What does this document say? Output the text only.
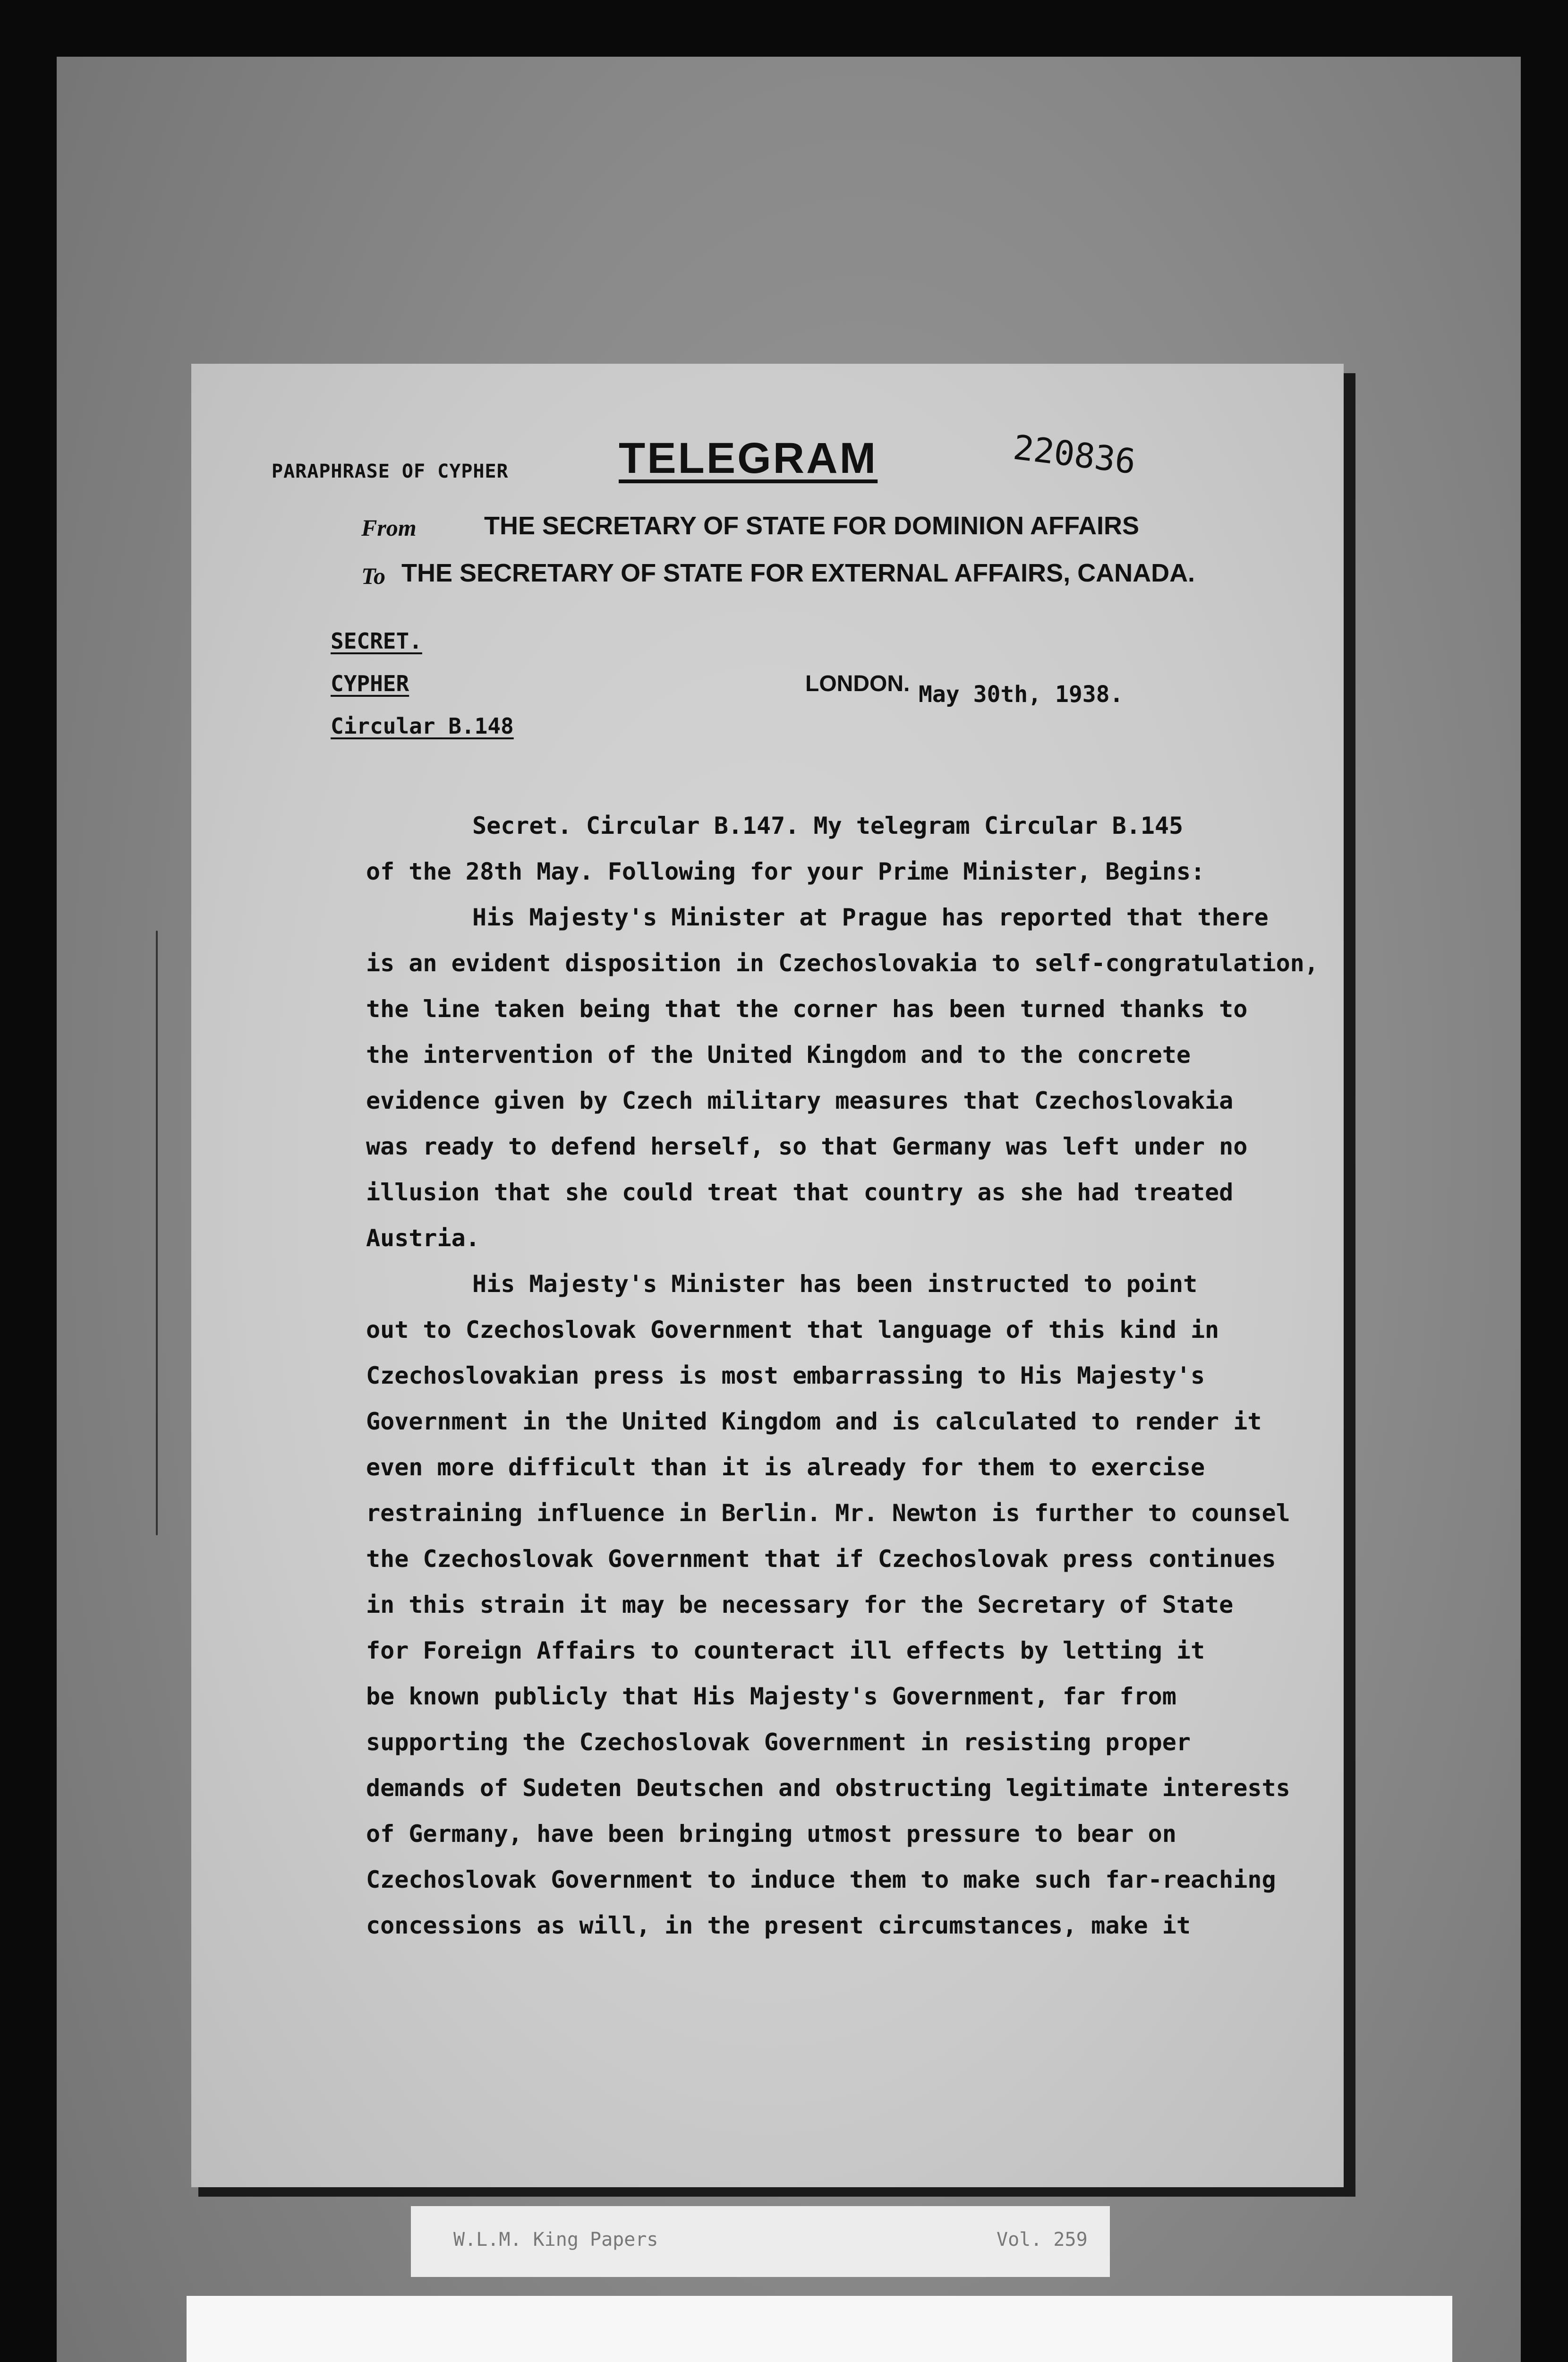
PARAPHRASE OF CYPHER	TELEGRAM	220836
From	THE SECRETARY OF STATE FOR DOMINION AFFAIRS
To THE SECRETARY OF STATE FOR EXTERNAL AFFAIRS, CANADA.
SECRET.
CYPHER
Circular B.148
LONDON. May 30th, 1938.
Secret. Circular B.147. My telegram Circular B.145
of the 28th May. Following for your Prime Minister, Begins:
His Majesty's Minister at Prague has reported that there
is an evident disposition in Czechoslovakia to self-congratulation,
the line taken being that the corner has been turned thanks to
the intervention of the United Kingdom and to the concrete
evidence given by Czech military measures that Czechoslovakia
was ready to defend herself, so that Germany was left under no
illusion that she could treat that country as she had treated
Austria.
His Majesty's Minister has been instructed to point
out to Czechoslovak Government that language of this kind in
Czechoslovakian press is most embarrassing to His Majesty's
Government in the United Kingdom and is calculated to render it
even more difficult than it is already for them to exercise
restraining influence in Berlin. Mr. Newton is further to counsel
the Czechoslovak Government that if Czechoslovak press continues
in this strain it may be necessary for the Secretary of State
for Foreign Affairs to counteract ill effects by letting it
be known publicly that His Majesty's Government, far from
supporting the Czechoslovak Government in resisting proper
demands of Sudeten Deutschen and obstructing legitimate interests
of Germany, have been bringing utmost pressure to bear on
Czechoslovak Government to induce them to make such far-reaching
concessions as will, in the present circumstances, make it
W.L.M. King Papers	Vol. 259
